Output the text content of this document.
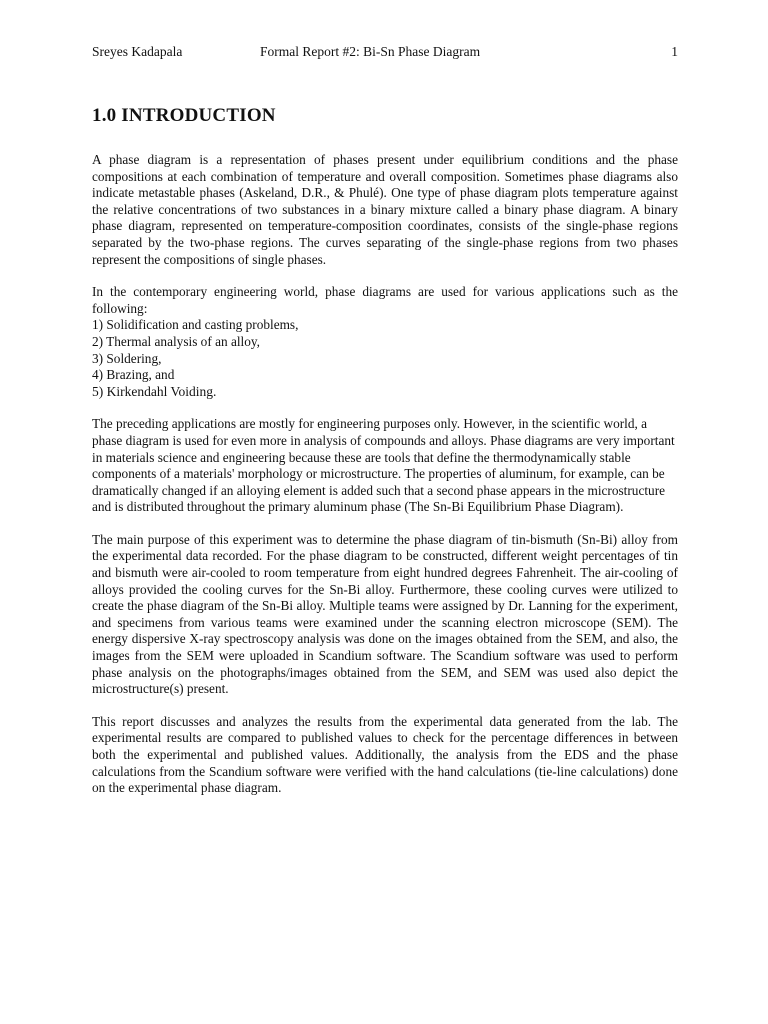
Sreyes Kadapala	Formal Report #2: Bi-Sn Phase Diagram	1
1.0 INTRODUCTION

A phase diagram is a representation of phases present under equilibrium conditions and the phase compositions at each combination of temperature and overall composition. Sometimes phase diagrams also indicate metastable phases (Askeland, D.R., & Phulé). One type of phase diagram plots temperature against the relative concentrations of two substances in a binary mixture called a binary phase diagram. A binary phase diagram, represented on temperature-composition coordinates, consists of the single-phase regions separated by the two-phase regions. The curves separating of the single-phase regions from two phases represent the compositions of single phases.

In the contemporary engineering world, phase diagrams are used for various applications such as the following:

1) Solidification and casting problems,
2) Thermal analysis of an alloy,
3) Soldering,
4) Brazing, and
5) Kirkendahl Voiding.

The preceding applications are mostly for engineering purposes only. However, in the scientific world, a phase diagram is used for even more in analysis of compounds and alloys. Phase diagrams are very important in materials science and engineering because these are tools that define the thermodynamically stable components of a materials' morphology or microstructure. The properties of aluminum, for example, can be dramatically changed if an alloying element is added such that a second phase appears in the microstructure and is distributed throughout the primary aluminum phase (The Sn-Bi Equilibrium Phase Diagram).

The main purpose of this experiment was to determine the phase diagram of tin-bismuth (Sn-Bi) alloy from the experimental data recorded. For the phase diagram to be constructed, different weight percentages of tin and bismuth were air-cooled to room temperature from eight hundred degrees Fahrenheit. The air-cooling of alloys provided the cooling curves for the Sn-Bi alloy. Furthermore, these cooling curves were utilized to create the phase diagram of the Sn-Bi alloy. Multiple teams were assigned by Dr. Lanning for the experiment, and specimens from various teams were examined under the scanning electron microscope (SEM). The energy dispersive X-ray spectroscopy analysis was done on the images obtained from the SEM, and also, the images from the SEM were uploaded in Scandium software. The Scandium software was used to perform phase analysis on the photographs/images obtained from the SEM, and SEM was used also depict the microstructure(s) present.

This report discusses and analyzes the results from the experimental data generated from the lab. The experimental results are compared to published values to check for the percentage differences in between both the experimental and published values. Additionally, the analysis from the EDS and the phase calculations from the Scandium software were verified with the hand calculations (tie-line calculations) done on the experimental phase diagram.
